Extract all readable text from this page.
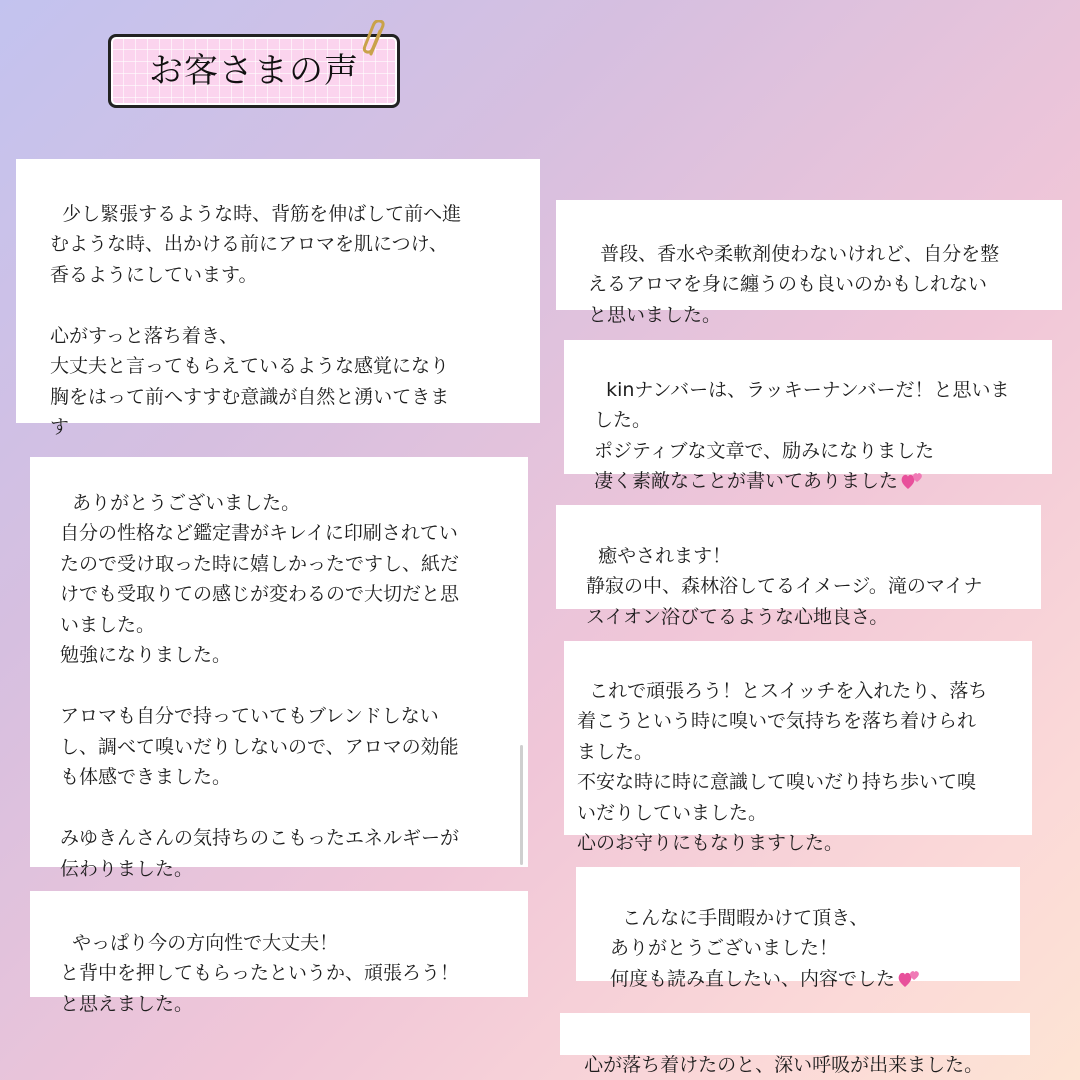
お客さまの声

少し緊張するような時、背筋を伸ばして前へ進
むような時、出かける前にアロマを肌につけ、
香るようにしています。

心がすっと落ち着き、
大丈夫と言ってもらえているような感覚になり
胸をはって前へすすむ意識が自然と湧いてきま
す

ありがとうございました。
自分の性格など鑑定書がキレイに印刷されてい
たので受け取った時に嬉しかったですし、紙だ
けでも受取りての感じが変わるので大切だと思
いました。
勉強になりました。

アロマも自分で持っていてもブレンドしない
し、調べて嗅いだりしないので、アロマの効能
も体感できました。

みゆきんさんの気持ちのこもったエネルギーが
伝わりました。

やっぱり今の方向性で大丈夫！
と背中を押してもらったというか、頑張ろう！
と思えました。

普段、香水や柔軟剤使わないけれど、自分を整
えるアロマを身に纏うのも良いのかもしれない
と思いました。

kinナンバーは、ラッキーナンバーだ！と思いま
した。
ポジティブな文章で、励みになりました
凄く素敵なことが書いてありました

癒やされます！
静寂の中、森林浴してるイメージ。滝のマイナ
スイオン浴びてるような心地良さ。

これで頑張ろう！とスイッチを入れたり、落ち
着こうという時に嗅いで気持ちを落ち着けられ
ました。
不安な時に時に意識して嗅いだり持ち歩いて嗅
いだりしていました。
心のお守りにもなりますした。

こんなに手間暇かけて頂き、
ありがとうございました！
何度も読み直したい、内容でした

心が落ち着けたのと、深い呼吸が出来ました。
